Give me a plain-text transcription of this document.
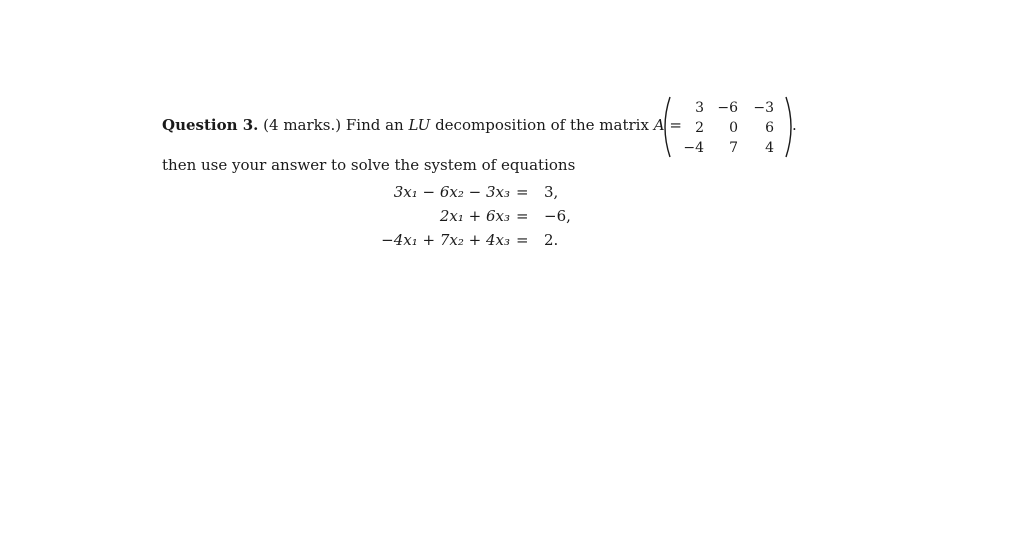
Question 3. (4 marks.) Find an LU decomposition of the matrix A =
3 −6	−3
2	0	6
−4	7	4
.
then use your answer to solve the system of equations
3x₁ − 6x₂ − 3x₃ = 3,
2x₁ + 6x₃ = −6,
−4x₁ + 7x₂ + 4x₃ = 2.
